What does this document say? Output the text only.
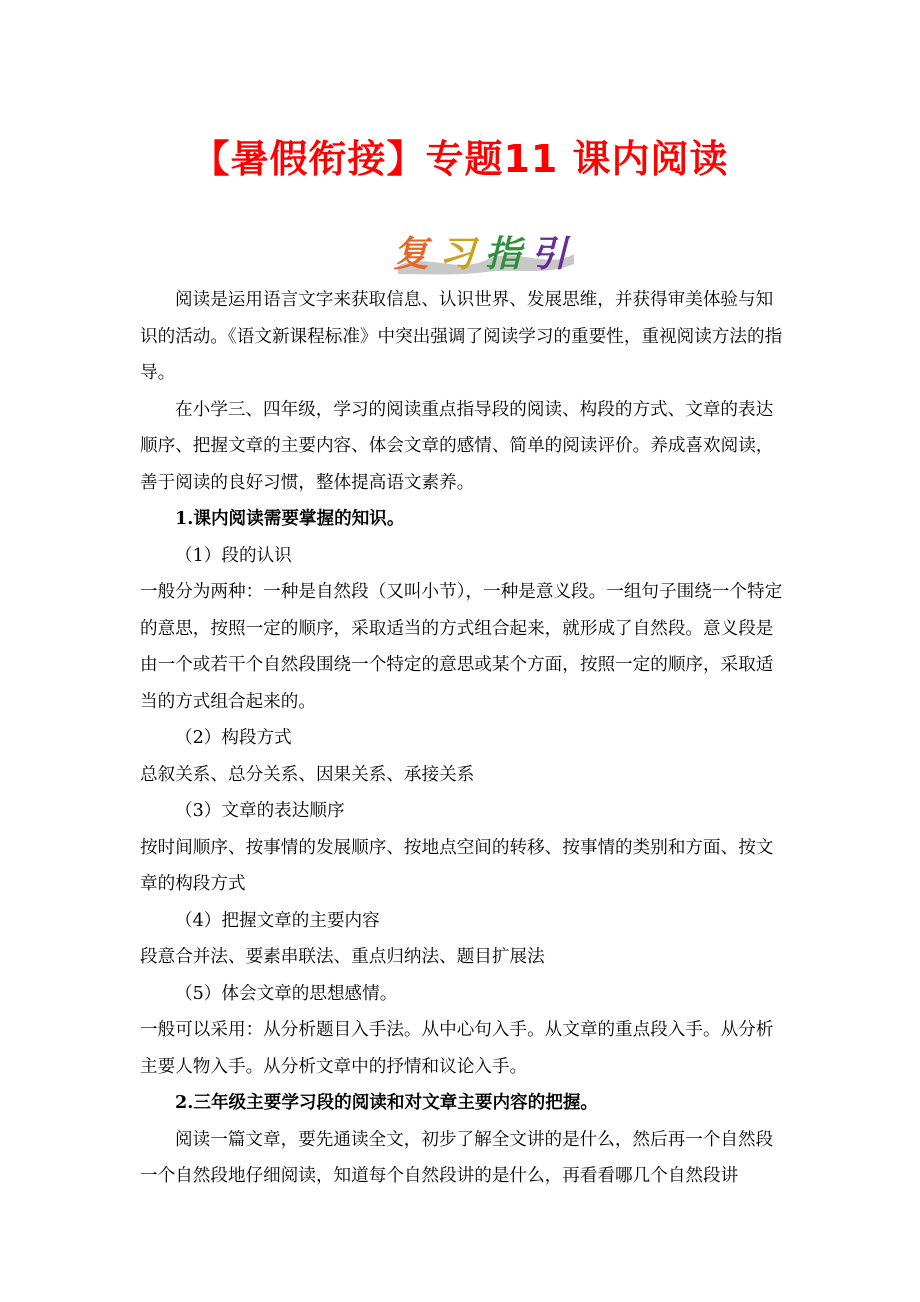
【暑假衔接】专题11 课内阅读
复 习 指 引

阅读是运用语言文字来获取信息、认识世界、发展思维，并获得审美体验与知识的活动。《语文新课程标准》中突出强调了阅读学习的重要性，重视阅读方法的指导。

在小学三、四年级，学习的阅读重点指导段的阅读、构段的方式、文章的表达顺序、把握文章的主要内容、体会文章的感情、简单的阅读评价。养成喜欢阅读，善于阅读的良好习惯，整体提高语文素养。

1.课内阅读需要掌握的知识。

（1）段的认识

一般分为两种：一种是自然段（又叫小节），一种是意义段。一组句子围绕一个特定的意思，按照一定的顺序，采取适当的方式组合起来，就形成了自然段。意义段是由一个或若干个自然段围绕一个特定的意思或某个方面，按照一定的顺序，采取适当的方式组合起来的。

（2）构段方式

总叙关系、总分关系、因果关系、承接关系

（3）文章的表达顺序

按时间顺序、按事情的发展顺序、按地点空间的转移、按事情的类别和方面、按文章的构段方式

（4）把握文章的主要内容

段意合并法、要素串联法、重点归纳法、题目扩展法

（5）体会文章的思想感情。

一般可以采用：从分析题目入手法。从中心句入手。从文章的重点段入手。从分析主要人物入手。从分析文章中的抒情和议论入手。

2.三年级主要学习段的阅读和对文章主要内容的把握。

阅读一篇文章，要先通读全文，初步了解全文讲的是什么，然后再一个自然段一个自然段地仔细阅读，知道每个自然段讲的是什么，再看看哪几个自然段讲
